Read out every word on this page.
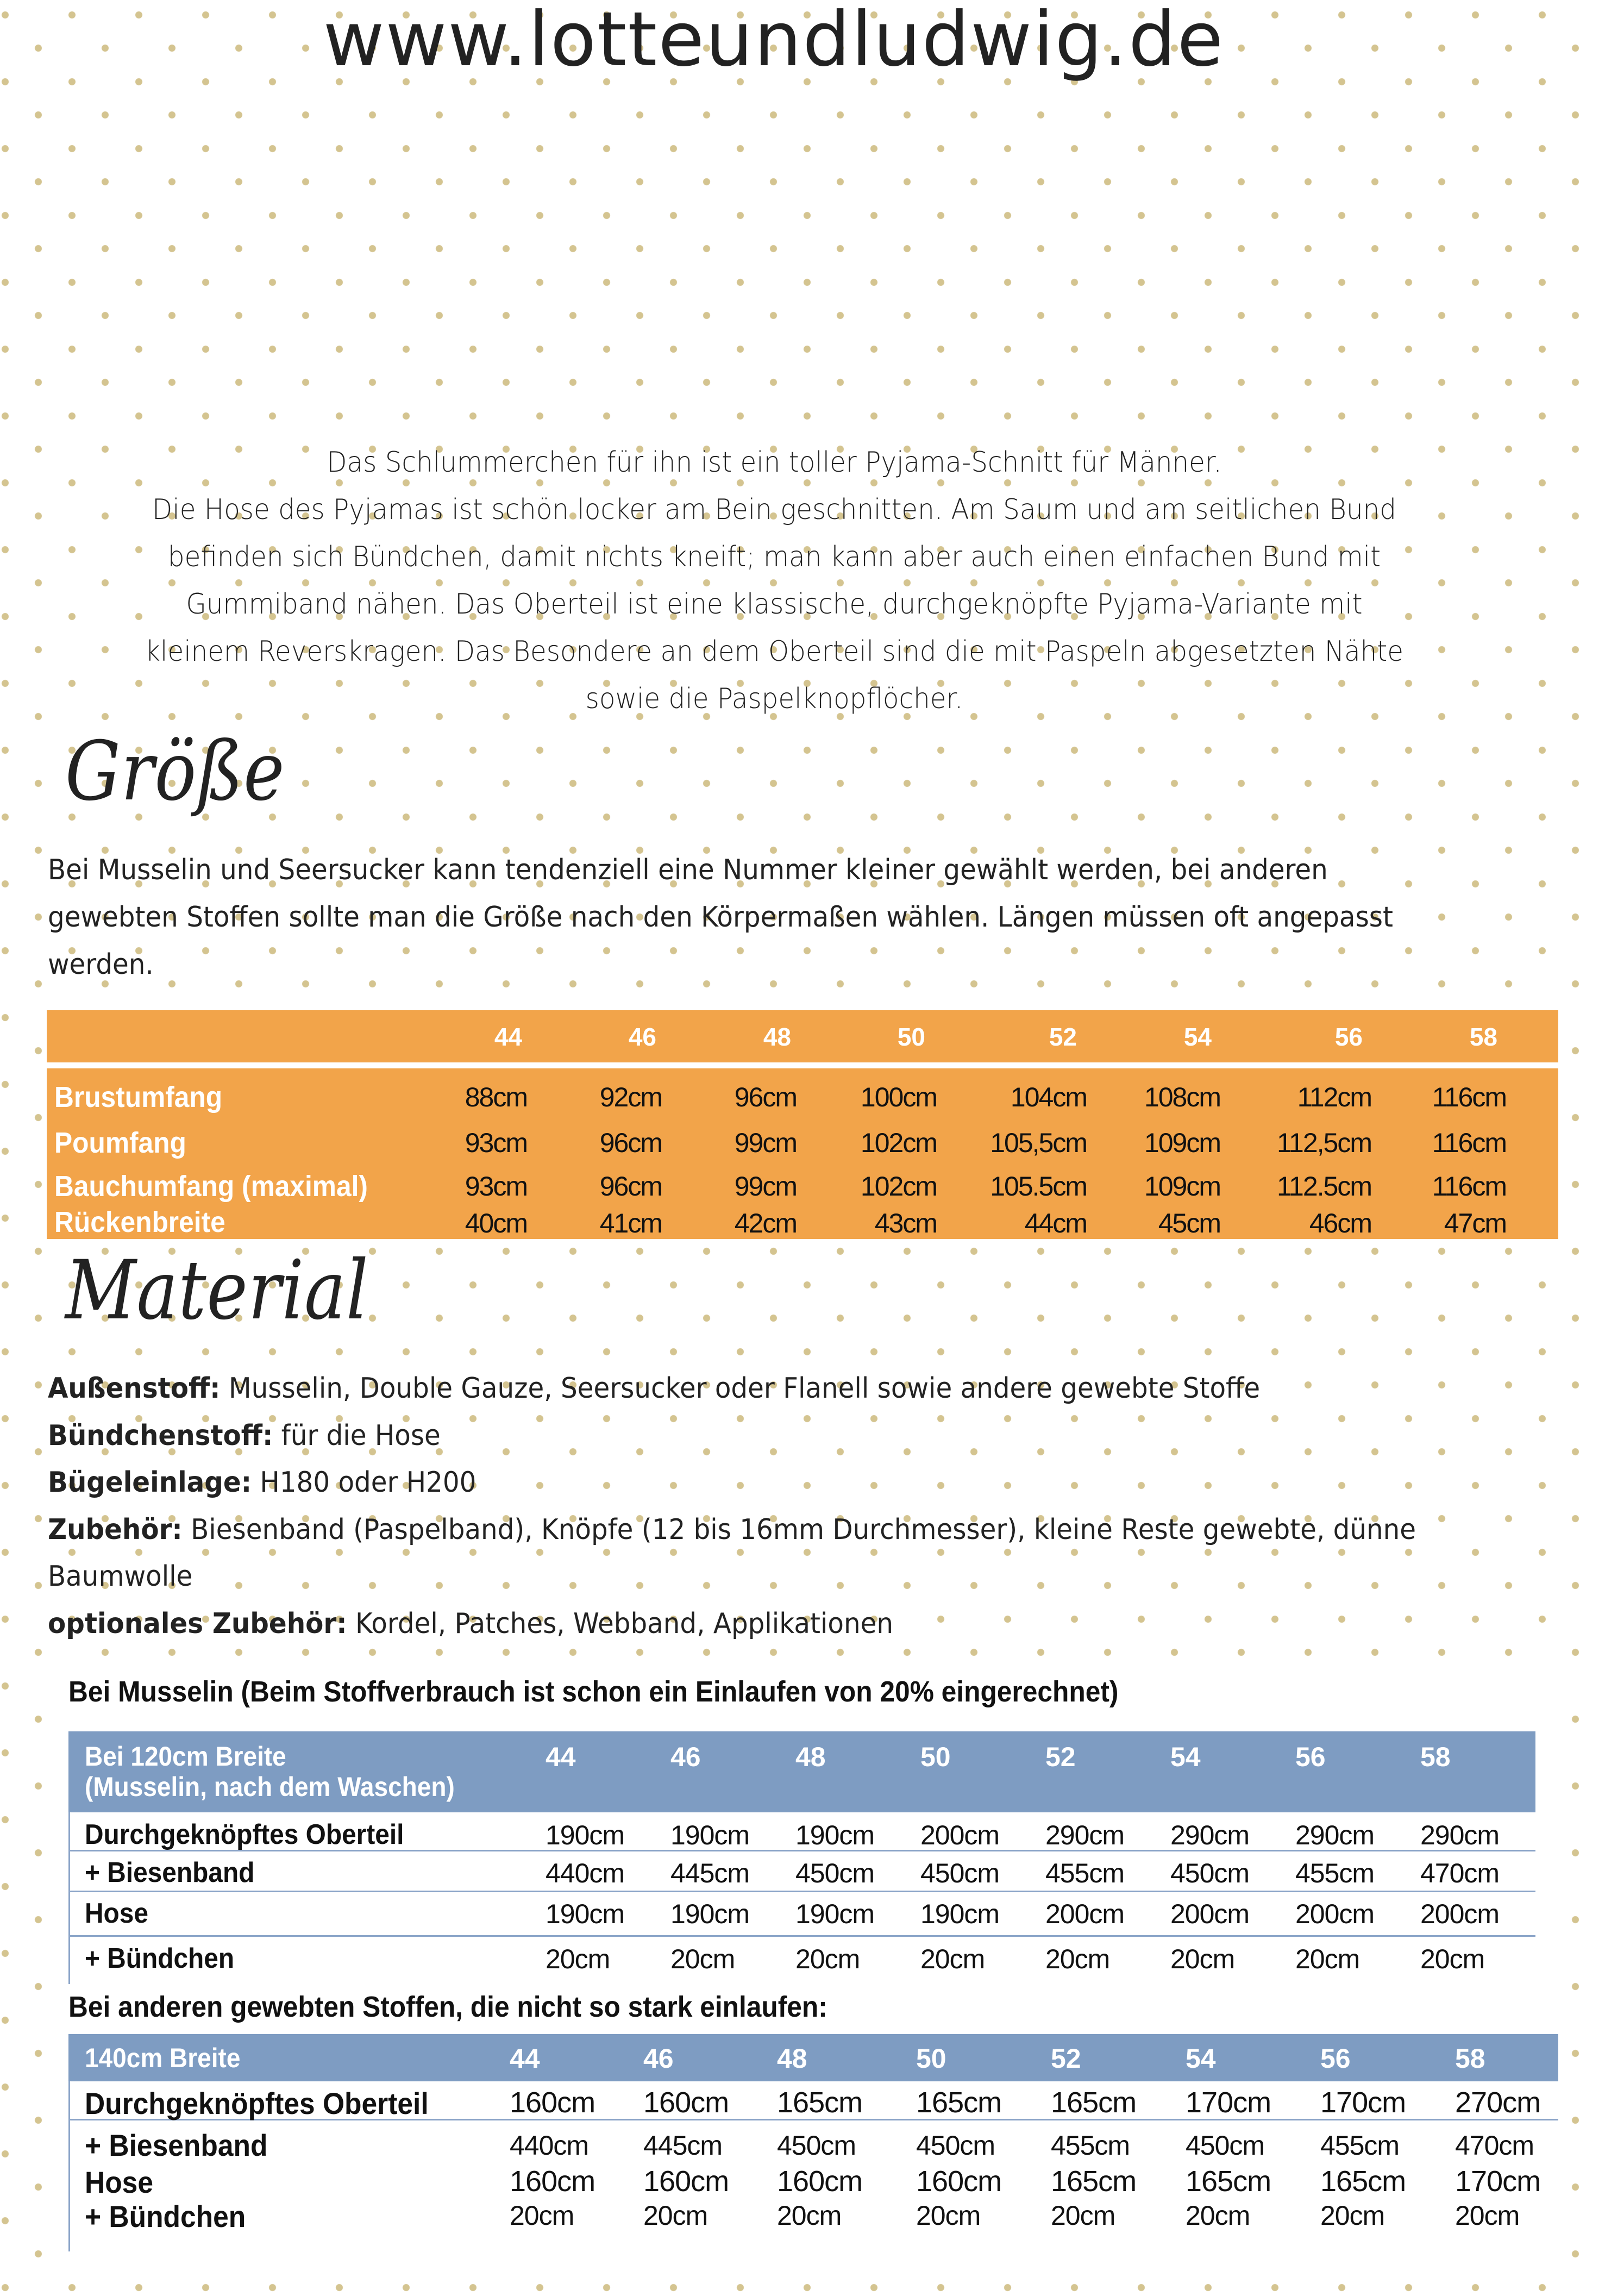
www.lotteundludwig.de
Das Schlummerchen für ihn ist ein toller Pyjama-Schnitt für Männer.
Die Hose des Pyjamas ist schön locker am Bein geschnitten. Am Saum und am seitlichen Bund
befinden sich Bündchen, damit nichts kneift; man kann aber auch einen einfachen Bund mit
Gummiband nähen. Das Oberteil ist eine klassische, durchgeknöpfte Pyjama-Variante mit
kleinem Reverskragen. Das Besondere an dem Oberteil sind die mit Paspeln abgesetzten Nähte
sowie die Paspelknopflöcher.
Größe
Bei Musselin und Seersucker kann tendenziell eine Nummer kleiner gewählt werden, bei anderen
gewebten Stoffen sollte man die Größe nach den Körpermaßen wählen. Längen müssen oft angepasst
werden.
44	46	48	50	52	54	56	58
Brustumfang	88cm	92cm	96cm	100cm	104cm	108cm	112cm	116cm
Poumfang	93cm	96cm	99cm	102cm	105,5cm	109cm	112,5cm	116cm
Bauchumfang (maximal)	93cm	96cm	99cm	102cm	105.5cm	109cm	112.5cm	116cm
Rückenbreite	40cm	41cm	42cm	43cm	44cm	45cm	46cm	47cm
Material
Außenstoff: Musselin, Double Gauze, Seersucker oder Flanell sowie andere gewebte Stoffe
Bündchenstoff: für die Hose
Bügeleinlage: H180 oder H200
Zubehör: Biesenband (Paspelband), Knöpfe (12 bis 16mm Durchmesser), kleine Reste gewebte, dünne
Baumwolle
optionales Zubehör: Kordel, Patches, Webband, Applikationen
Bei Musselin (Beim Stoffverbrauch ist schon ein Einlaufen von 20% eingerechnet)
Bei 120cm Breite
(Musselin, nach dem Waschen)
44	46	48	50	52	54	56	58
Durchgeknöpftes Oberteil	190cm 190cm 190cm 200cm 290cm 290cm 290cm 290cm
+ Biesenband	440cm 445cm 450cm 450cm 455cm 450cm 455cm 470cm
Hose	190cm 190cm 190cm 190cm 200cm 200cm 200cm 200cm
+ Bündchen	20cm 20cm 20cm 20cm 20cm 20cm 20cm 20cm
Bei anderen gewebten Stoffen, die nicht so stark einlaufen:
140cm Breite	44	46	48	50	52	54	56	58
Durchgeknöpftes Oberteil	160cm 160cm 165cm 165cm 165cm 170cm 170cm 270cm
+ Biesenband	440cm 445cm 450cm 450cm 455cm 450cm 455cm 470cm
Hose	160cm 160cm 160cm 160cm 165cm 165cm 165cm 170cm
+ Bündchen	20cm	20cm	20cm	20cm	20cm	20cm	20cm	20cm
